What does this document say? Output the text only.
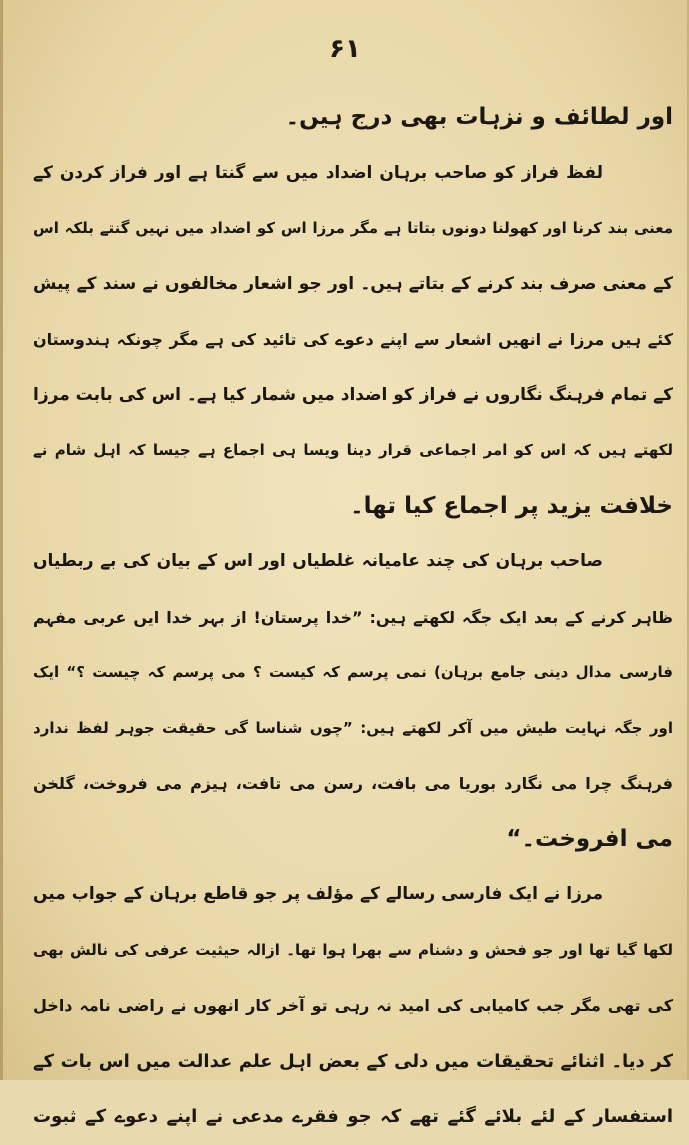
۶۱
اور لطائف و نزہات بھی درج ہیں۔
لفظ فراز کو صاحب برہان اضداد میں سے گنتا ہے اور فراز کردن کے
معنی بند کرنا اور کھولنا دونوں بتاتا ہے مگر مرزا اس کو اضداد میں نہیں گنتے بلکہ اس
کے معنی صرف بند کرنے کے بتاتے ہیں۔ اور جو اشعار مخالفوں نے سند کے پیش
کئے ہیں مرزا نے انھیں اشعار سے اپنے دعوے کی تائید کی ہے مگر چونکہ ہندوستان
کے تمام فرہنگ نگاروں نے فراز کو اضداد میں شمار کیا ہے۔ اس کی بابت مرزا
لکھتے ہیں کہ اس کو امر اجماعی قرار دینا ویسا ہی اجماع ہے جیسا کہ اہل شام نے
خلافت یزید پر اجماع کیا تھا۔
صاحب برہان کی چند عامیانہ غلطیاں اور اس کے بیان کی بے ربطیاں
ظاہر کرنے کے بعد ایک جگہ لکھتے ہیں: ”خدا پرستان! از بہر خدا ایں عربی مفہم
فارسی مدال دینی جامع برہان) نمی پرسم کہ کیست ؟ می پرسم کہ چیست ؟“ ایک
اور جگہ نہایت طیش میں آکر لکھتے ہیں: ”چوں شناسا گی حقیقت جوہر لفظ ندارد
فرہنگ چرا می نگارد بوریا می بافت، رسن می تافت، ہیزم می فروخت، گلخن
می افروخت۔“
مرزا نے ایک فارسی رسالے کے مؤلف پر جو قاطع برہان کے جواب میں
لکھا گیا تھا اور جو فحش و دشنام سے بھرا ہوا تھا۔ ازالہ حیثیت عرفی کی نالش بھی
کی تھی مگر جب کامیابی کی امید نہ رہی تو آخر کار انھوں نے راضی نامہ داخل
کر دیا۔ اثنائے تحقیقات میں دلی کے بعض اہل علم عدالت میں اس بات کے
استفسار کے لئے بلائے گئے تھے کہ جو فقرے مدعی نے اپنے دعوے کے ثبوت
